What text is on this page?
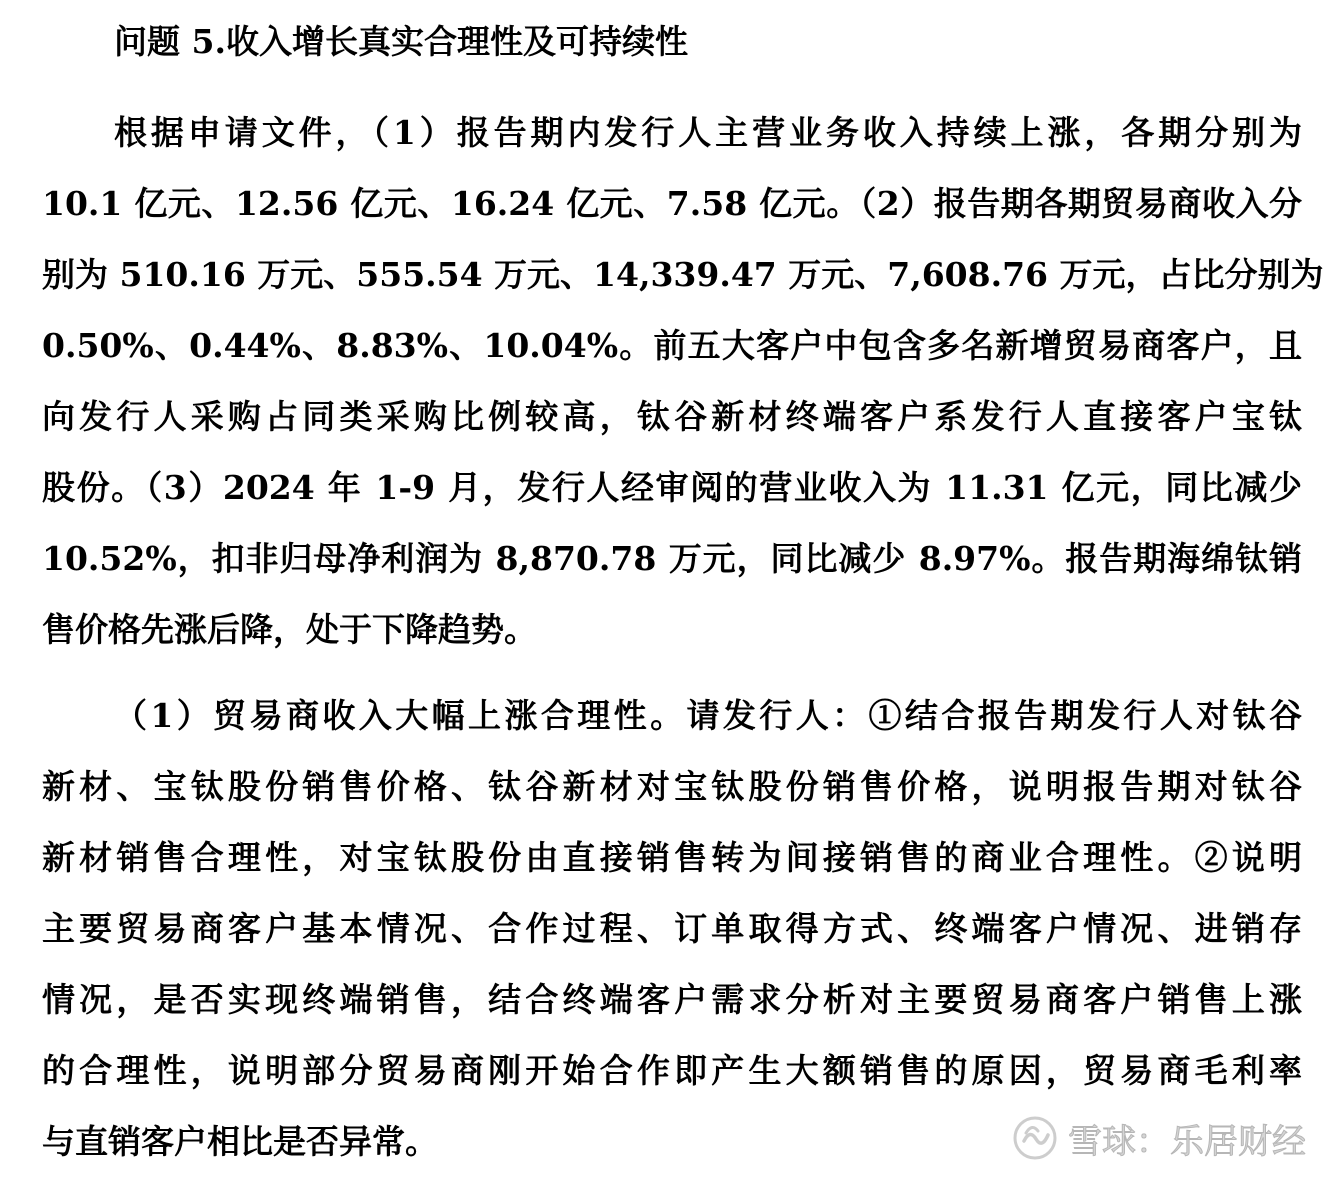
问题 5.收入增长真实合理性及可持续性
根据申请文件，（1）报告期内发行人主营业务收入持续上涨，各期分别为
10.1 亿元、12.56 亿元、16.24 亿元、7.58 亿元。（2）报告期各期贸易商收入分
别为 510.16 万元、555.54 万元、14,339.47 万元、7,608.76 万元，占比分别为
0.50%、0.44%、8.83%、10.04%。前五大客户中包含多名新增贸易商客户，且
向发行人采购占同类采购比例较高，钛谷新材终端客户系发行人直接客户宝钛
股份。（3）2024 年 1-9 月，发行人经审阅的营业收入为 11.31 亿元，同比减少
10.52%，扣非归母净利润为 8,870.78 万元，同比减少 8.97%。报告期海绵钛销
售价格先涨后降，处于下降趋势。
（1）贸易商收入大幅上涨合理性。请发行人：①结合报告期发行人对钛谷
新材、宝钛股份销售价格、钛谷新材对宝钛股份销售价格，说明报告期对钛谷
新材销售合理性，对宝钛股份由直接销售转为间接销售的商业合理性。②说明
主要贸易商客户基本情况、合作过程、订单取得方式、终端客户情况、进销存
情况，是否实现终端销售，结合终端客户需求分析对主要贸易商客户销售上涨
的合理性，说明部分贸易商刚开始合作即产生大额销售的原因，贸易商毛利率
与直销客户相比是否异常。	雪球：乐居财经
